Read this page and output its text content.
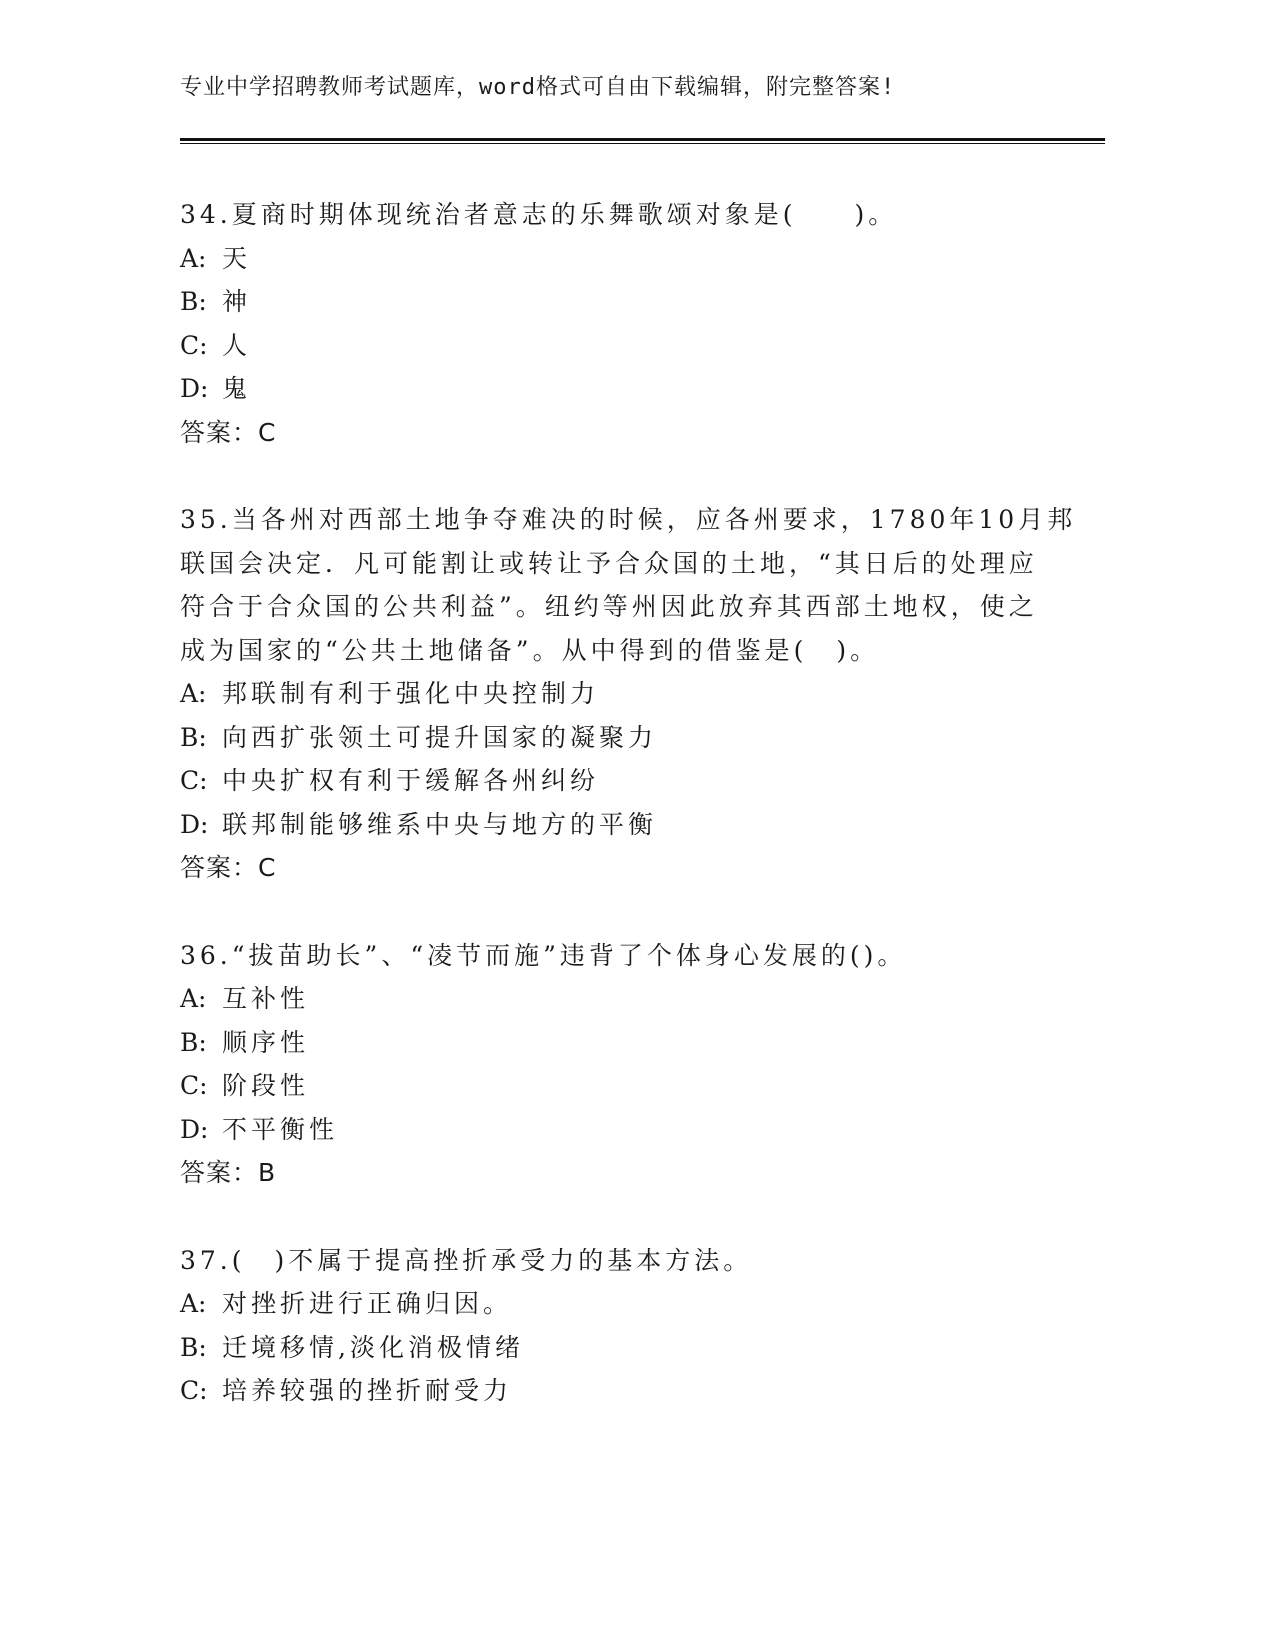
专业中学招聘教师考试题库，word格式可自由下载编辑，附完整答案!
34.夏商时期体现统治者意志的乐舞歌颂对象是(　　)。
A: 天
B: 神
C: 人
D: 鬼
答案：C
35.当各州对西部土地争夺难决的时候，应各州要求，1780年10月邦
联国会决定．凡可能割让或转让予合众国的土地，“其日后的处理应
符合于合众国的公共利益”。纽约等州因此放弃其西部土地权，使之
成为国家的“公共土地储备”。从中得到的借鉴是(　)。
A: 邦联制有利于强化中央控制力
B: 向西扩张领土可提升国家的凝聚力
C: 中央扩权有利于缓解各州纠纷
D: 联邦制能够维系中央与地方的平衡
答案：C
36.“拔苗助长”、“凌节而施”违背了个体身心发展的()。
A: 互补性
B: 顺序性
C: 阶段性
D: 不平衡性
答案：B
37.(　)不属于提高挫折承受力的基本方法。
A: 对挫折进行正确归因。
B: 迁境移情,淡化消极情绪
C: 培养较强的挫折耐受力
